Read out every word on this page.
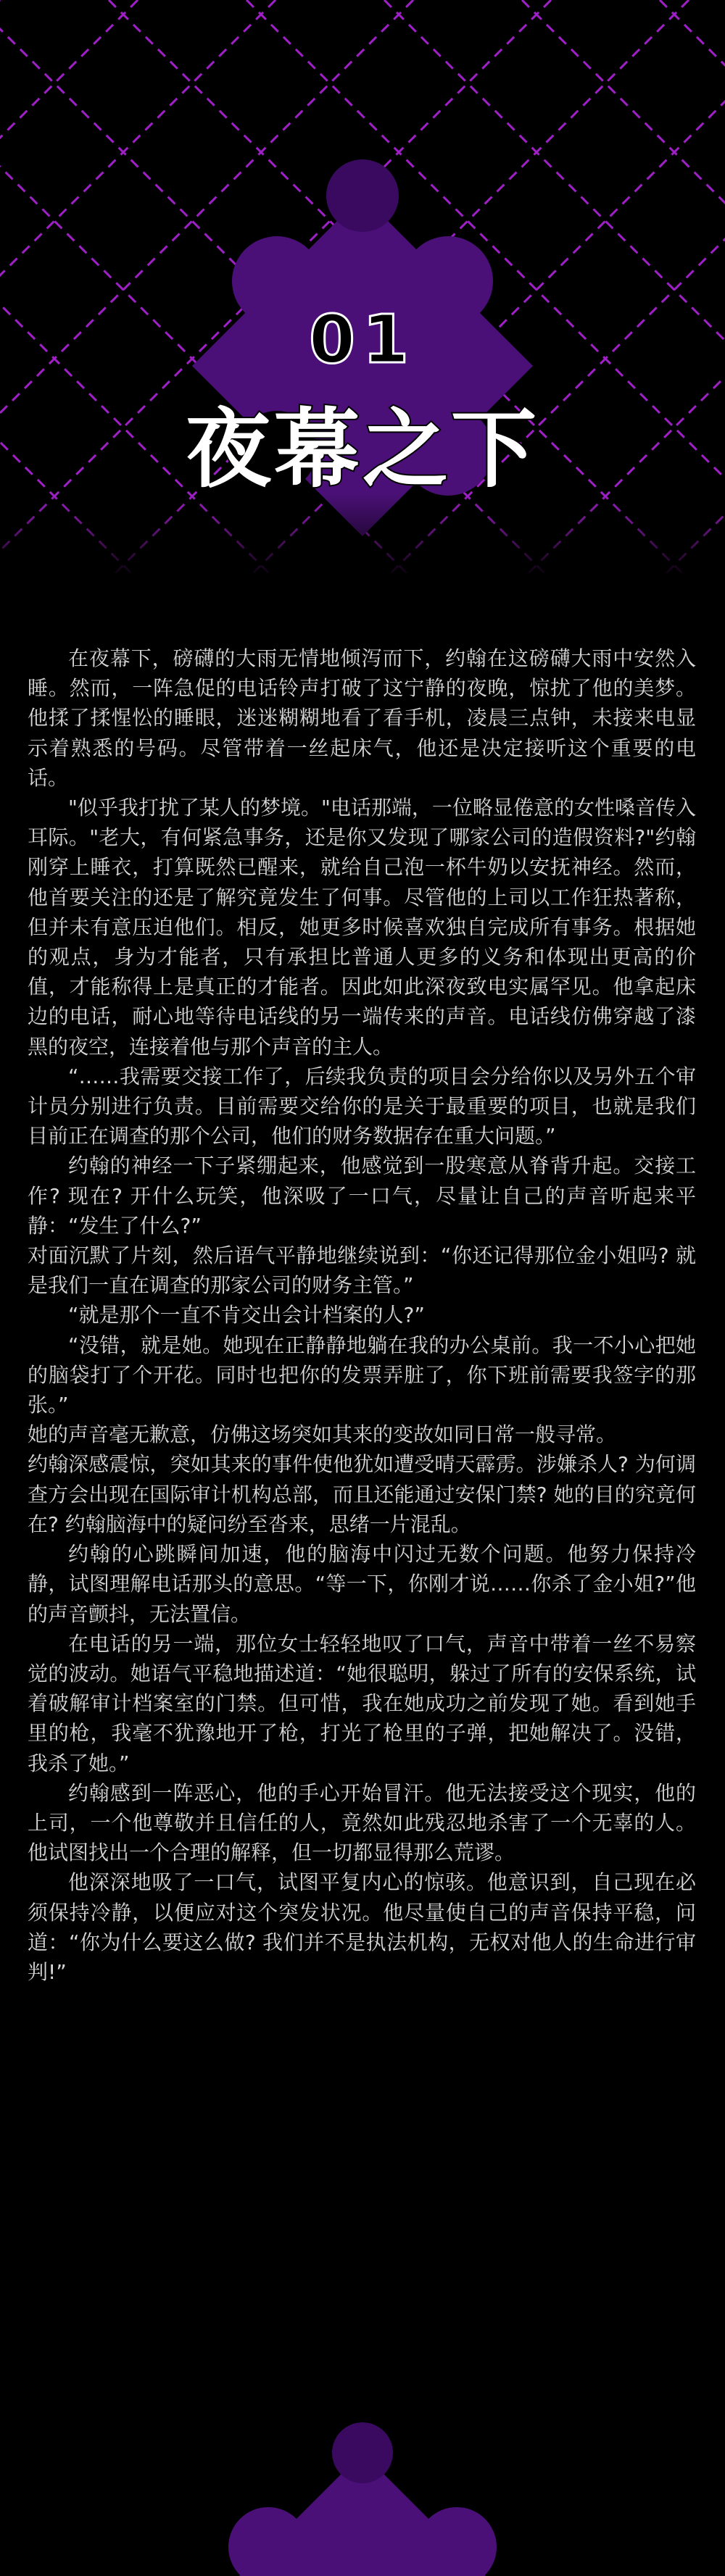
01
夜幕之下

在夜幕下，磅礴的大雨无情地倾泻而下，约翰在这磅礴大雨中安然入睡。然而，一阵急促的电话铃声打破了这宁静的夜晚，惊扰了他的美梦。他揉了揉惺忪的睡眼，迷迷糊糊地看了看手机，凌晨三点钟，未接来电显示着熟悉的号码。尽管带着一丝起床气，他还是决定接听这个重要的电话。

"似乎我打扰了某人的梦境。"电话那端，一位略显倦意的女性嗓音传入耳际。"老大，有何紧急事务，还是你又发现了哪家公司的造假资料?"约翰刚穿上睡衣，打算既然已醒来，就给自己泡一杯牛奶以安抚神经。然而，他首要关注的还是了解究竟发生了何事。尽管他的上司以工作狂热著称，但并未有意压迫他们。相反，她更多时候喜欢独自完成所有事务。根据她的观点，身为才能者，只有承担比普通人更多的义务和体现出更高的价值，才能称得上是真正的才能者。因此如此深夜致电实属罕见。他拿起床边的电话，耐心地等待电话线的另一端传来的声音。电话线仿佛穿越了漆黑的夜空，连接着他与那个声音的主人。

“……我需要交接工作了，后续我负责的项目会分给你以及另外五个审计员分别进行负责。目前需要交给你的是关于最重要的项目，也就是我们目前正在调查的那个公司，他们的财务数据存在重大问题。”

约翰的神经一下子紧绷起来，他感觉到一股寒意从脊背升起。交接工作? 现在? 开什么玩笑，他深吸了一口气，尽量让自己的声音听起来平静：“发生了什么?”

对面沉默了片刻，然后语气平静地继续说到：“你还记得那位金小姐吗? 就是我们一直在调查的那家公司的财务主管。”

“就是那个一直不肯交出会计档案的人?”

“没错，就是她。她现在正静静地躺在我的办公桌前。我一不小心把她的脑袋打了个开花。同时也把你的发票弄脏了，你下班前需要我签字的那张。”

她的声音毫无歉意，仿佛这场突如其来的变故如同日常一般寻常。

约翰深感震惊，突如其来的事件使他犹如遭受晴天霹雳。涉嫌杀人? 为何调查方会出现在国际审计机构总部，而且还能通过安保门禁? 她的目的究竟何在? 约翰脑海中的疑问纷至沓来，思绪一片混乱。

约翰的心跳瞬间加速，他的脑海中闪过无数个问题。他努力保持冷静，试图理解电话那头的意思。“等一下，你刚才说……你杀了金小姐?”他的声音颤抖，无法置信。

在电话的另一端，那位女士轻轻地叹了口气，声音中带着一丝不易察觉的波动。她语气平稳地描述道：“她很聪明，躲过了所有的安保系统，试着破解审计档案室的门禁。但可惜，我在她成功之前发现了她。看到她手里的枪，我毫不犹豫地开了枪，打光了枪里的子弹，把她解决了。没错，我杀了她。”

约翰感到一阵恶心，他的手心开始冒汗。他无法接受这个现实，他的上司，一个他尊敬并且信任的人，竟然如此残忍地杀害了一个无辜的人。他试图找出一个合理的解释，但一切都显得那么荒谬。

他深深地吸了一口气，试图平复内心的惊骇。他意识到，自己现在必须保持冷静，以便应对这个突发状况。他尽量使自己的声音保持平稳，问道：“你为什么要这么做? 我们并不是执法机构，无权对他人的生命进行审判!”
